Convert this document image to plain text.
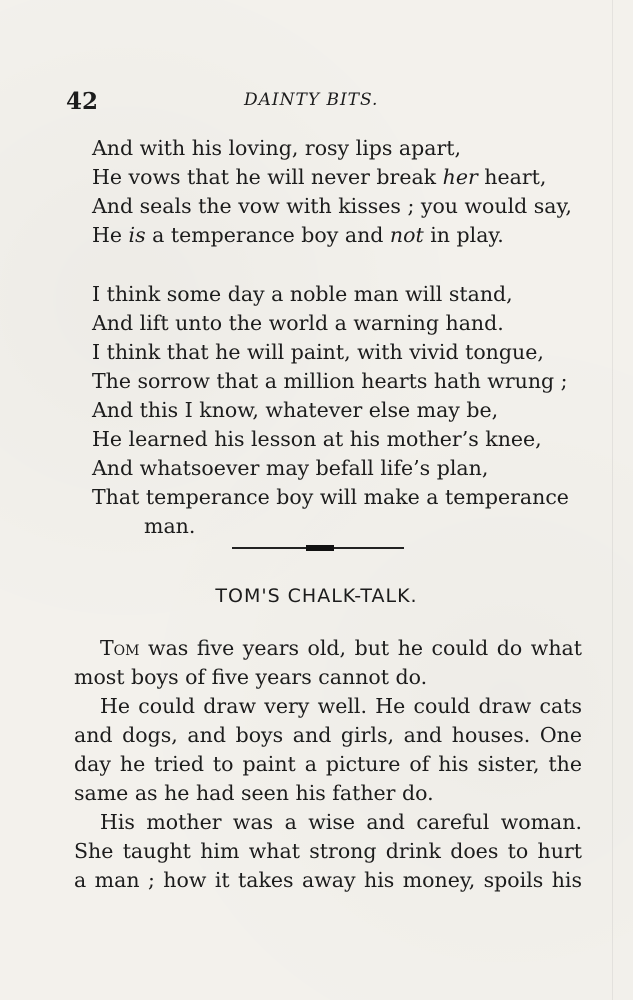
42	DAINTY BITS.
And with his loving, rosy lips apart,
He vows that he will never break her heart,
And seals the vow with kisses ; you would say,
He is a temperance boy and not in play.
I think some day a noble man will stand,
And lift unto the world a warning hand.
I think that he will paint, with vivid tongue,
The sorrow that a million hearts hath wrung ;
And this I know, whatever else may be,
He learned his lesson at his mother’s knee,
And whatsoever may befall life’s plan,
That temperance boy will make a temperance
man.
TOM'S CHALK-TALK.
Tom was five years old, but he could do what
most boys of five years cannot do.
He could draw very well. He could draw cats
and dogs, and boys and girls, and houses. One
day he tried to paint a picture of his sister, the
same as he had seen his father do.
His mother was a wise and careful woman.
She taught him what strong drink does to hurt
a man ; how it takes away his money, spoils his
